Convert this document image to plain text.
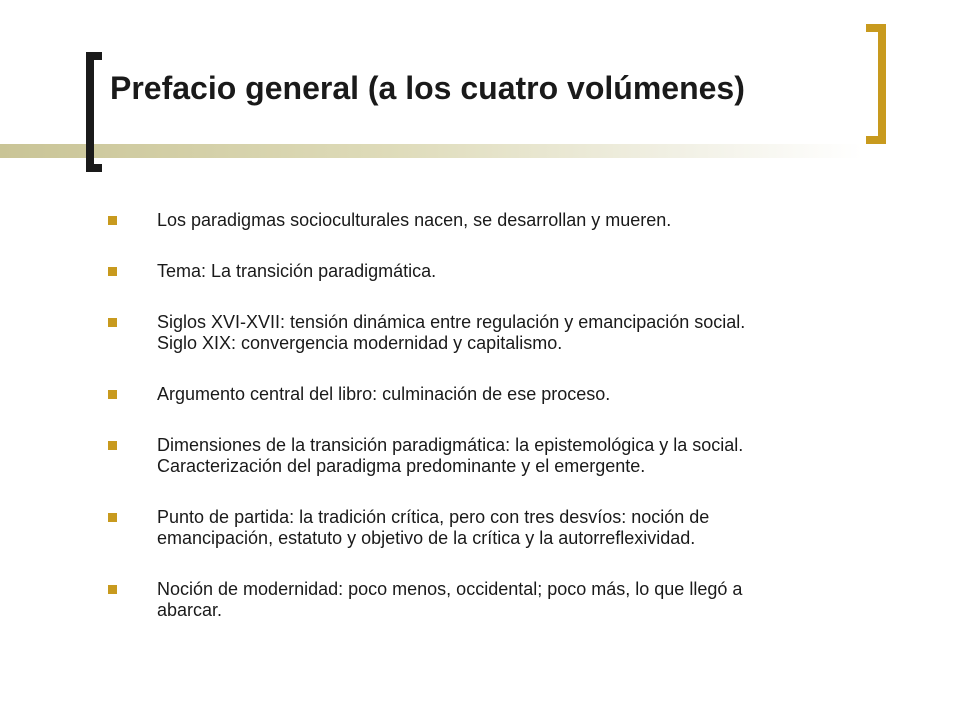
Prefacio general (a los cuatro volúmenes)
Los paradigmas socioculturales nacen, se desarrollan y mueren.
Tema: La transición paradigmática.
Siglos XVI-XVII: tensión dinámica entre regulación y emancipación social.
Siglo XIX: convergencia modernidad y capitalismo.
Argumento central del libro: culminación de ese proceso.
Dimensiones de la transición paradigmática: la epistemológica y la social.
Caracterización del paradigma predominante y el emergente.
Punto de partida: la tradición crítica, pero con tres desvíos: noción de
emancipación, estatuto y objetivo de la crítica y la autorreflexividad.
Noción de modernidad: poco menos, occidental; poco más, lo que llegó a
abarcar.
